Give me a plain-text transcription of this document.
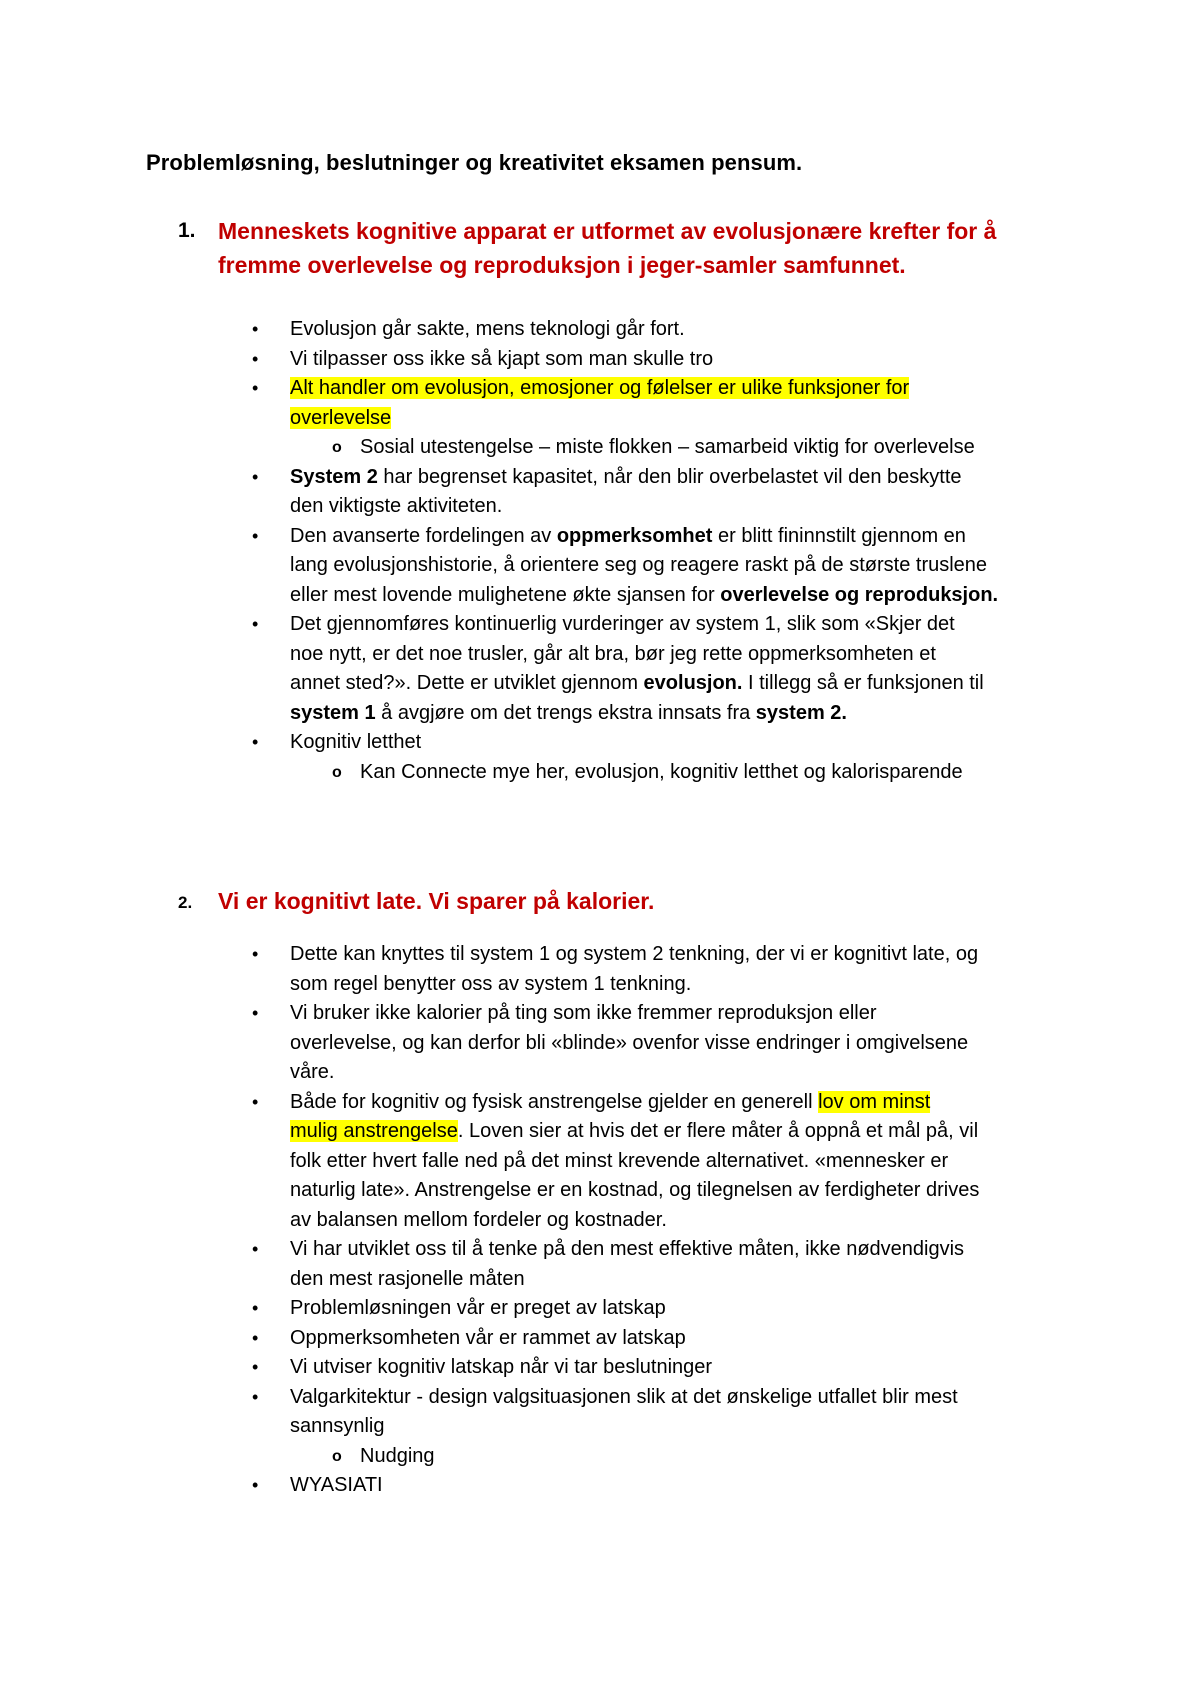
Problemløsning, beslutninger og kreativitet eksamen pensum.
1. Menneskets kognitive apparat er utformet av evolusjonære krefter for å
fremme overlevelse og reproduksjon i jeger-samler samfunnet.
• Evolusjon går sakte, mens teknologi går fort.
• Vi tilpasser oss ikke så kjapt som man skulle tro
• Alt handler om evolusjon, emosjoner og følelser er ulike funksjoner for
overlevelse
o Sosial utestengelse – miste flokken – samarbeid viktig for overlevelse
• System 2 har begrenset kapasitet, når den blir overbelastet vil den beskytte
den viktigste aktiviteten.
• Den avanserte fordelingen av oppmerksomhet er blitt fininnstilt gjennom en
lang evolusjonshistorie, å orientere seg og reagere raskt på de største truslene
eller mest lovende mulighetene økte sjansen for overlevelse og reproduksjon.
• Det gjennomføres kontinuerlig vurderinger av system 1, slik som «Skjer det
noe nytt, er det noe trusler, går alt bra, bør jeg rette oppmerksomheten et
annet sted?». Dette er utviklet gjennom evolusjon. I tillegg så er funksjonen til
system 1 å avgjøre om det trengs ekstra innsats fra system 2.
• Kognitiv letthet
o Kan Connecte mye her, evolusjon, kognitiv letthet og kalorisparende
2. Vi er kognitivt late. Vi sparer på kalorier.
• Dette kan knyttes til system 1 og system 2 tenkning, der vi er kognitivt late, og
som regel benytter oss av system 1 tenkning.
• Vi bruker ikke kalorier på ting som ikke fremmer reproduksjon eller
overlevelse, og kan derfor bli «blinde» ovenfor visse endringer i omgivelsene
våre.
• Både for kognitiv og fysisk anstrengelse gjelder en generell lov om minst
mulig anstrengelse. Loven sier at hvis det er flere måter å oppnå et mål på, vil
folk etter hvert falle ned på det minst krevende alternativet. «mennesker er
naturlig late». Anstrengelse er en kostnad, og tilegnelsen av ferdigheter drives
av balansen mellom fordeler og kostnader.
• Vi har utviklet oss til å tenke på den mest effektive måten, ikke nødvendigvis
den mest rasjonelle måten
• Problemløsningen vår er preget av latskap
• Oppmerksomheten vår er rammet av latskap
• Vi utviser kognitiv latskap når vi tar beslutninger
• Valgarkitektur - design valgsituasjonen slik at det ønskelige utfallet blir mest
sannsynlig
o Nudging
• WYASIATI
